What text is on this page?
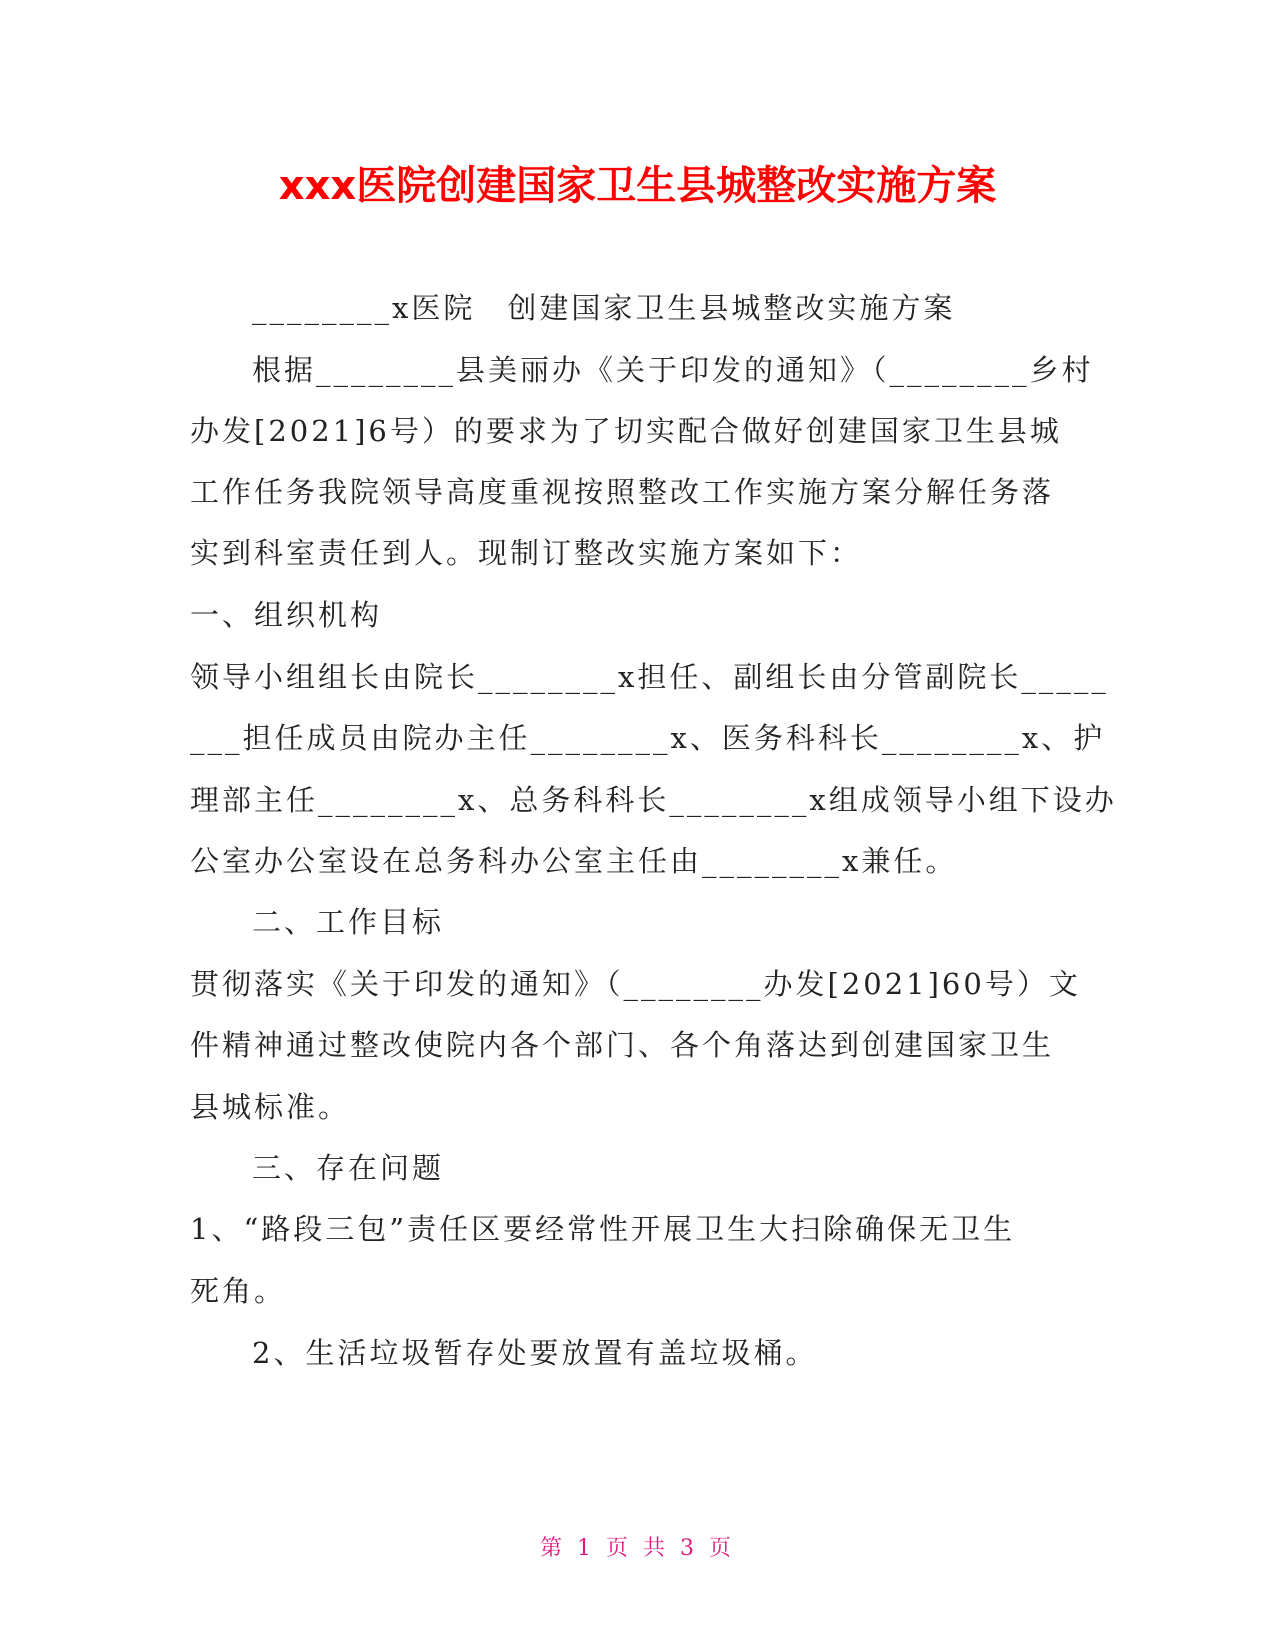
xxx医院创建国家卫生县城整改实施方案
________x医院　创建国家卫生县城整改实施方案
根据________县美丽办《关于印发的通知》（________乡村
办发[2021]6号）的要求为了切实配合做好创建国家卫生县城
工作任务我院领导高度重视按照整改工作实施方案分解任务落
实到科室责任到人。现制订整改实施方案如下：
一、组织机构
领导小组组长由院长________x担任、副组长由分管副院长_____
___担任成员由院办主任________x、医务科科长________x、护
理部主任________x、总务科科长________x组成领导小组下设办
公室办公室设在总务科办公室主任由________x兼任。
二、工作目标
贯彻落实《关于印发的通知》（________办发[2021]60号）文
件精神通过整改使院内各个部门、各个角落达到创建国家卫生
县城标准。
三、存在问题
1、“路段三包”责任区要经常性开展卫生大扫除确保无卫生
死角。
2、生活垃圾暂存处要放置有盖垃圾桶。
第 1 页 共 3 页
